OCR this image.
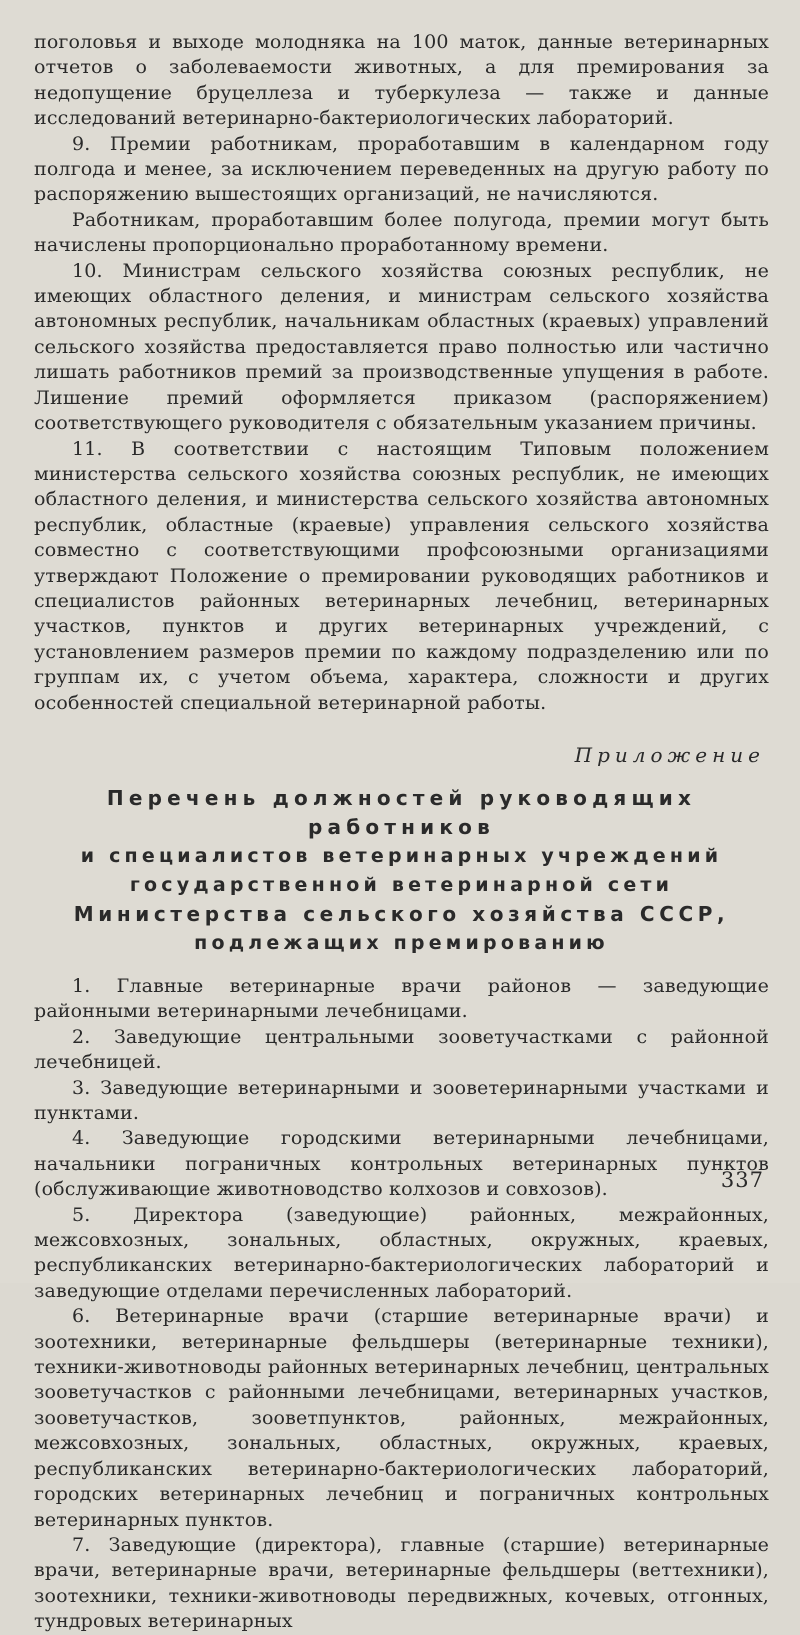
поголовья и выходе молодняка на 100 маток, данные ветеринарных отчетов о заболеваемости животных, а для премирования за недопущение бруцеллеза и туберкулеза — также и данные исследований ветеринарно-бактериологических лабораторий.

9. Премии работникам, проработавшим в календарном году полгода и менее, за исключением переведенных на другую работу по распоряжению вышестоящих организаций, не начисляются.

Работникам, проработавшим более полугода, премии могут быть начислены пропорционально проработанному времени.

10. Министрам сельского хозяйства союзных республик, не имеющих областного деления, и министрам сельского хозяйства автономных республик, начальникам областных (краевых) управлений сельского хозяйства предоставляется право полностью или частично лишать работников премий за производственные упущения в работе. Лишение премий оформляется приказом (распоряжением) соответствующего руководителя с обязательным указанием причины.

11. В соответствии с настоящим Типовым положением министерства сельского хозяйства союзных республик, не имеющих областного деления, и министерства сельского хозяйства автономных республик, областные (краевые) управления сельского хозяйства совместно с соответствующими профсоюзными организациями утверждают Положение о премировании руководящих работников и специалистов районных ветеринарных лечебниц, ветеринарных участков, пунктов и других ветеринарных учреждений, с установлением размеров премии по каждому подразделению или по группам их, с учетом объема, характера, сложности и других особенностей специальной ветеринарной работы.

Приложение
Перечень должностей руководящих работников
и специалистов ветеринарных учреждений
государственной ветеринарной сети
Министерства сельского хозяйства СССР,
подлежащих премированию

1. Главные ветеринарные врачи районов — заведующие районными ветеринарными лечебницами.

2. Заведующие центральными зооветучастками с районной лечебницей.

3. Заведующие ветеринарными и зооветеринарными участками и пунктами.

4. Заведующие городскими ветеринарными лечебницами, начальники пограничных контрольных ветеринарных пунктов (обслуживающие животноводство колхозов и совхозов).

5. Директора (заведующие) районных, межрайонных, межсовхозных, зональных, областных, окружных, краевых, республиканских ветеринарно-бактериологических лабораторий и заведующие отделами перечисленных лабораторий.

6. Ветеринарные врачи (старшие ветеринарные врачи) и зоотехники, ветеринарные фельдшеры (ветеринарные техники), техники-животноводы районных ветеринарных лечебниц, центральных зооветучастков с районными лечебницами, ветеринарных участков, зооветучастков, зооветпунктов, районных, межрайонных, межсовхозных, зональных, областных, окружных, краевых, республиканских ветеринарно-бактериологических лабораторий, городских ветеринарных лечебниц и пограничных контрольных ветеринарных пунктов.

7. Заведующие (директора), главные (старшие) ветеринарные врачи, ветеринарные врачи, ветеринарные фельдшеры (веттехники), зоотехники, техники-животноводы передвижных, кочевых, отгонных, тундровых ветеринарных

337
